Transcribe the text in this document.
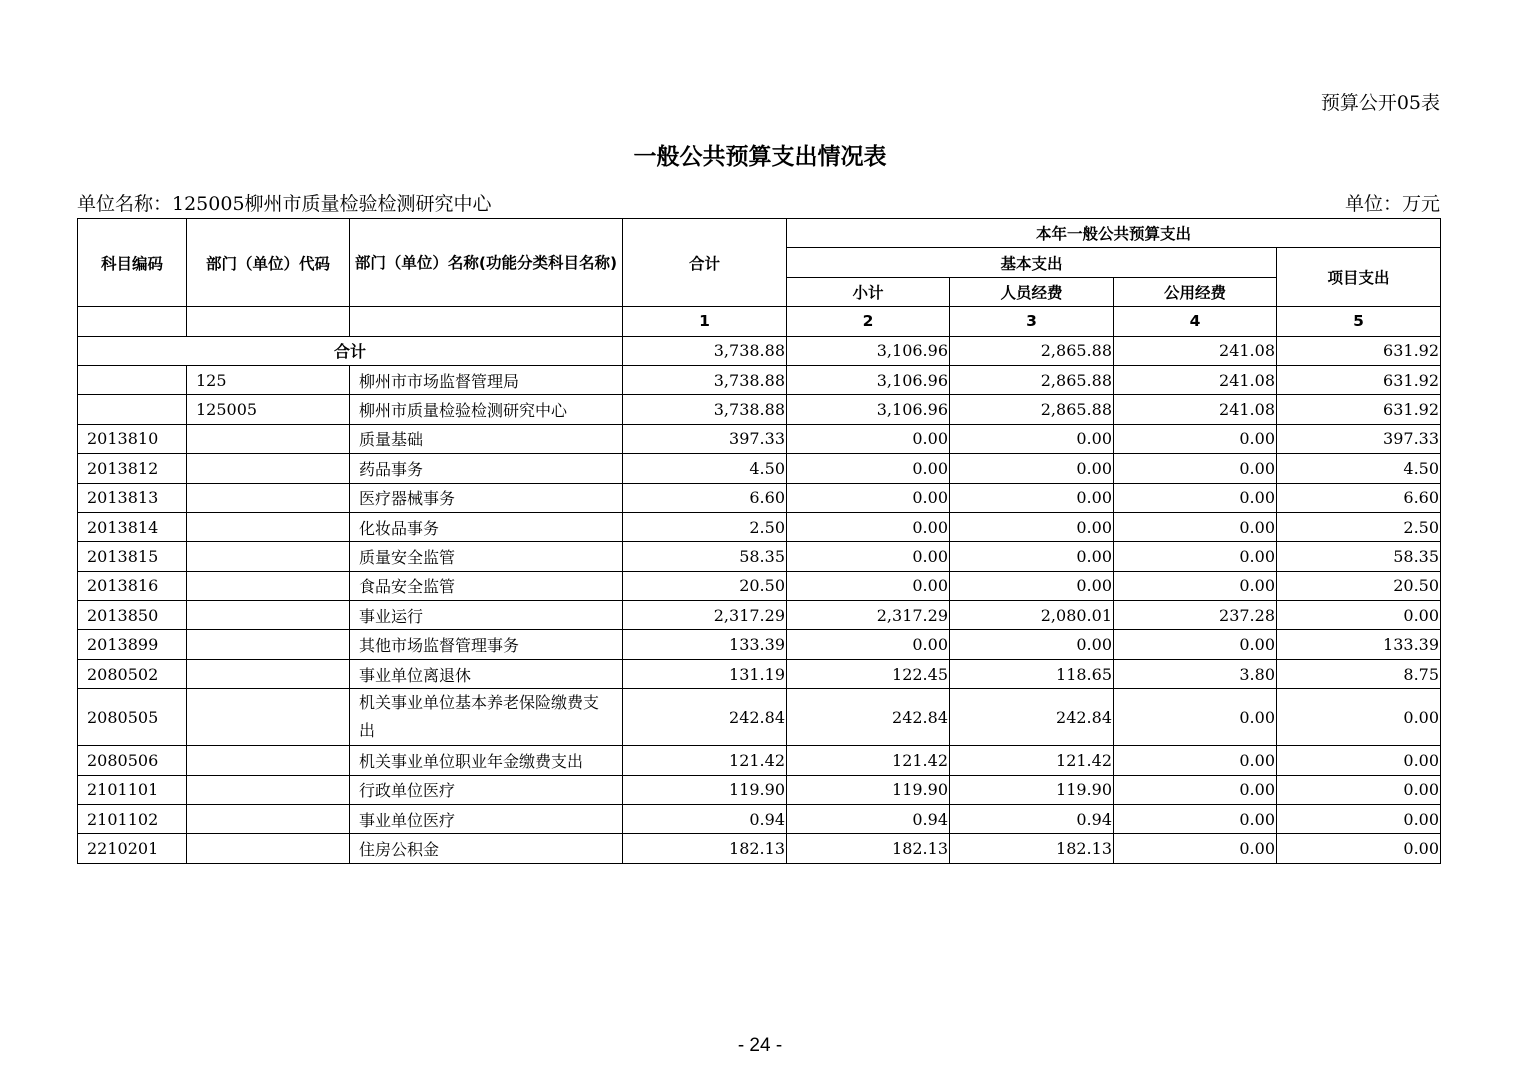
预算公开05表
一般公共预算支出情况表
单位名称：125005柳州市质量检验检测研究中心	单位：万元
科目编码	部门（单位）代码	部门（单位）名称(功能分类科目名称)	合计	本年一般公共预算支出			
				基本支出			项目支出
				小计	人员经费	公用经费	
			1	2	3	4	5
合计			3,738.88	3,106.96	2,865.88	241.08	631.92
	125	柳州市市场监督管理局	3,738.88	3,106.96	2,865.88	241.08	631.92
	125005	柳州市质量检验检测研究中心	3,738.88	3,106.96	2,865.88	241.08	631.92
2013810		质量基础	397.33	0.00	0.00	0.00	397.33
2013812		药品事务	4.50	0.00	0.00	0.00	4.50
2013813		医疗器械事务	6.60	0.00	0.00	0.00	6.60
2013814		化妆品事务	2.50	0.00	0.00	0.00	2.50
2013815		质量安全监管	58.35	0.00	0.00	0.00	58.35
2013816		食品安全监管	20.50	0.00	0.00	0.00	20.50
2013850		事业运行	2,317.29	2,317.29	2,080.01	237.28	0.00
2013899		其他市场监督管理事务	133.39	0.00	0.00	0.00	133.39
2080502		事业单位离退休	131.19	122.45	118.65	3.80	8.75
2080505		机关事业单位基本养老保险缴费支出	242.84	242.84	242.84	0.00	0.00
2080506		机关事业单位职业年金缴费支出	121.42	121.42	121.42	0.00	0.00
2101101		行政单位医疗	119.90	119.90	119.90	0.00	0.00
2101102		事业单位医疗	0.94	0.94	0.94	0.00	0.00
2210201		住房公积金	182.13	182.13	182.13	0.00	0.00
- 24 -
